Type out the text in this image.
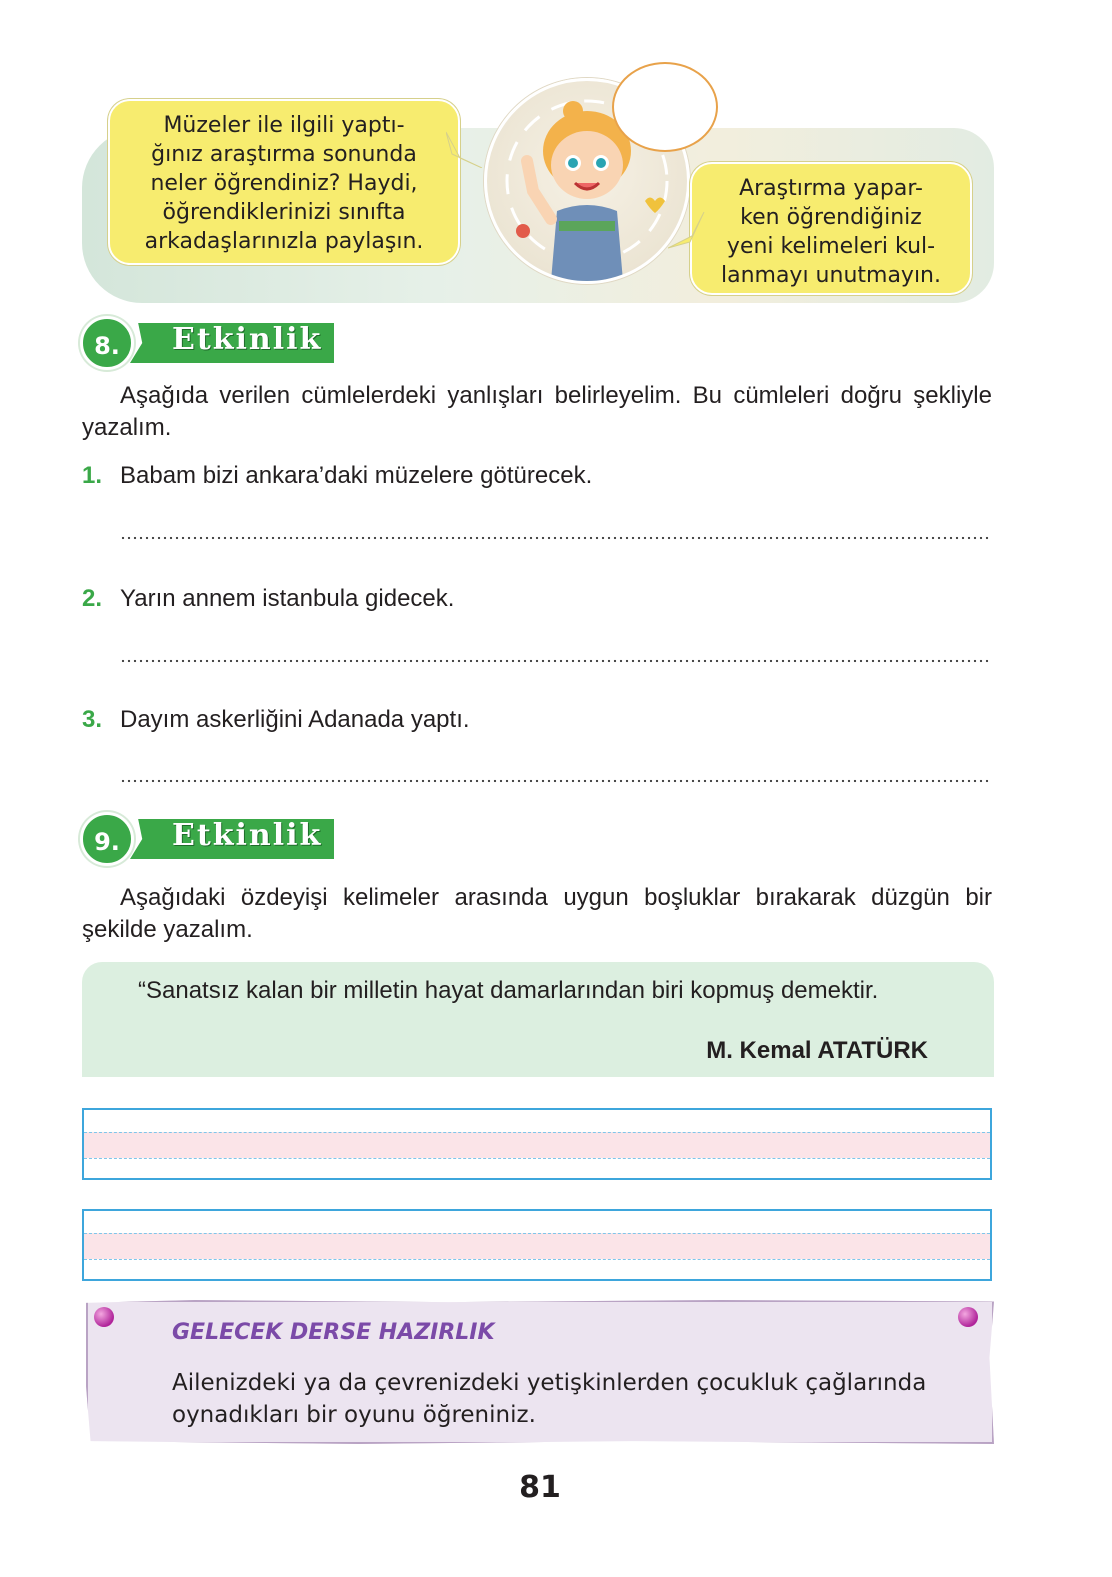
Müzeler ile ilgili yaptı-
ğınız araştırma sonunda
neler öğrendiniz? Haydi,
öğrendiklerinizi sınıfta
arkadaşlarınızla paylaşın.
Araştırma yapar-
ken öğrendiğiniz
yeni kelimeleri kul-
lanmayı unutmayın.
8.	Etkinlik
Aşağıda verilen cümlelerdeki yanlışları belirleyelim. Bu cümleleri doğru şekliyle yazalım.
1. Babam bizi ankara’daki müzelere götürecek.
2. Yarın annem istanbula gidecek.
3. Dayım askerliğini Adanada yaptı.
9.	Etkinlik
Aşağıdaki özdeyişi kelimeler arasında uygun boşluklar bırakarak düzgün bir şekilde yazalım.
“Sanatsız kalan bir milletin hayat damarlarından biri kopmuş demektir.
M. Kemal ATATÜRK
GELECEK DERSE HAZIRLIK
Ailenizdeki ya da çevrenizdeki yetişkinlerden çocukluk çağlarında oynadıkları bir oyunu öğreniniz.
81
